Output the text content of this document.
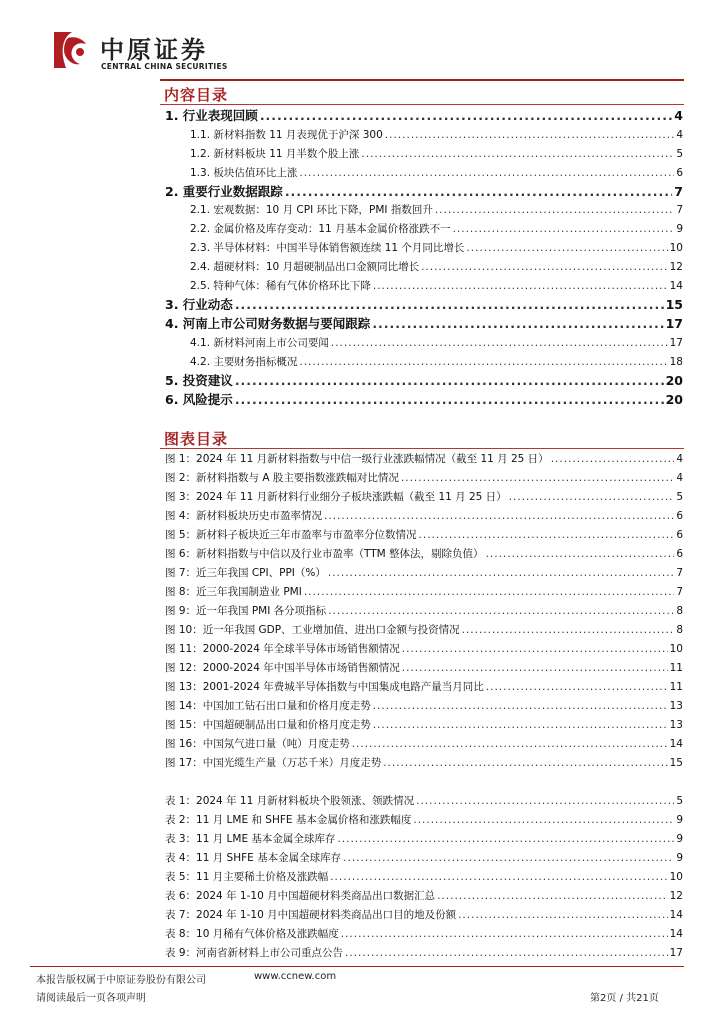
中原证券
CENTRAL CHINA SECURITIES
内容目录
1. 行业表现回顾 .....	4
1.1. 新材料指数 11 月表现优于沪深 300 .....	4
1.2. 新材料板块 11 月半数个股上涨 .....	5
1.3. 板块估值环比上涨 .....	6
2. 重要行业数据跟踪 .....	7
2.1. 宏观数据：10 月 CPI 环比下降，PMI 指数回升 .....	7
2.2. 金属价格及库存变动：11 月基本金属价格涨跌不一 .....	9
2.3. 半导体材料：中国半导体销售额连续 11 个月同比增长 .....	10
2.4. 超硬材料：10 月超硬制品出口金额同比增长 .....	12
2.5. 特种气体：稀有气体价格环比下降 .....	14
3. 行业动态 .....	15
4. 河南上市公司财务数据与要闻跟踪 .....	17
4.1. 新材料河南上市公司要闻 .....	17
4.2. 主要财务指标概况 .....	18
5. 投资建议 .....	20
6. 风险提示 .....	20
图表目录
图 1：2024 年 11 月新材料指数与中信一级行业涨跌幅情况（截至 11 月 25 日） .....	4
图 2：新材料指数与 A 股主要指数涨跌幅对比情况 .....	4
图 3：2024 年 11 月新材料行业细分子板块涨跌幅（截至 11 月 25 日） .....	5
图 4：新材料板块历史市盈率情况 .....	6
图 5：新材料子板块近三年市盈率与市盈率分位数情况 .....	6
图 6：新材料指数与中信以及行业市盈率（TTM 整体法，剔除负值） .....	6
图 7：近三年我国 CPI、PPI（%） .....	7
图 8：近三年我国制造业 PMI .....	7
图 9：近一年我国 PMI 各分项指标 .....	8
图 10：近一年我国 GDP、工业增加值、进出口金额与投资情况 .....	8
图 11：2000-2024 年全球半导体市场销售额情况 .....	10
图 12：2000-2024 年中国半导体市场销售额情况 .....	11
图 13：2001-2024 年费城半导体指数与中国集成电路产量当月同比 .....	11
图 14：中国加工钻石出口量和价格月度走势 .....	13
图 15：中国超硬制品出口量和价格月度走势 .....	13
图 16：中国氖气进口量（吨）月度走势 .....	14
图 17：中国光缆生产量（万芯千米）月度走势 .....	15
表 1：2024 年 11 月新材料板块个股领涨、领跌情况 .....	5
表 2：11 月 LME 和 SHFE 基本金属价格和涨跌幅度 .....	9
表 3：11 月 LME 基本金属全球库存 .....	9
表 4：11 月 SHFE 基本金属全球库存 .....	9
表 5：11 月主要稀土价格及涨跌幅 .....	10
表 6：2024 年 1-10 月中国超硬材料类商品出口数据汇总 .....	12
表 7：2024 年 1-10 月中国超硬材料类商品出口目的地及份额 .....	14
表 8：10 月稀有气体价格及涨跌幅度 .....	14
表 9：河南省新材料上市公司重点公告 .....	17
本报告版权属于中原证券股份有限公司	www.ccnew.com
请阅读最后一页各项声明	第2页 / 共21页
